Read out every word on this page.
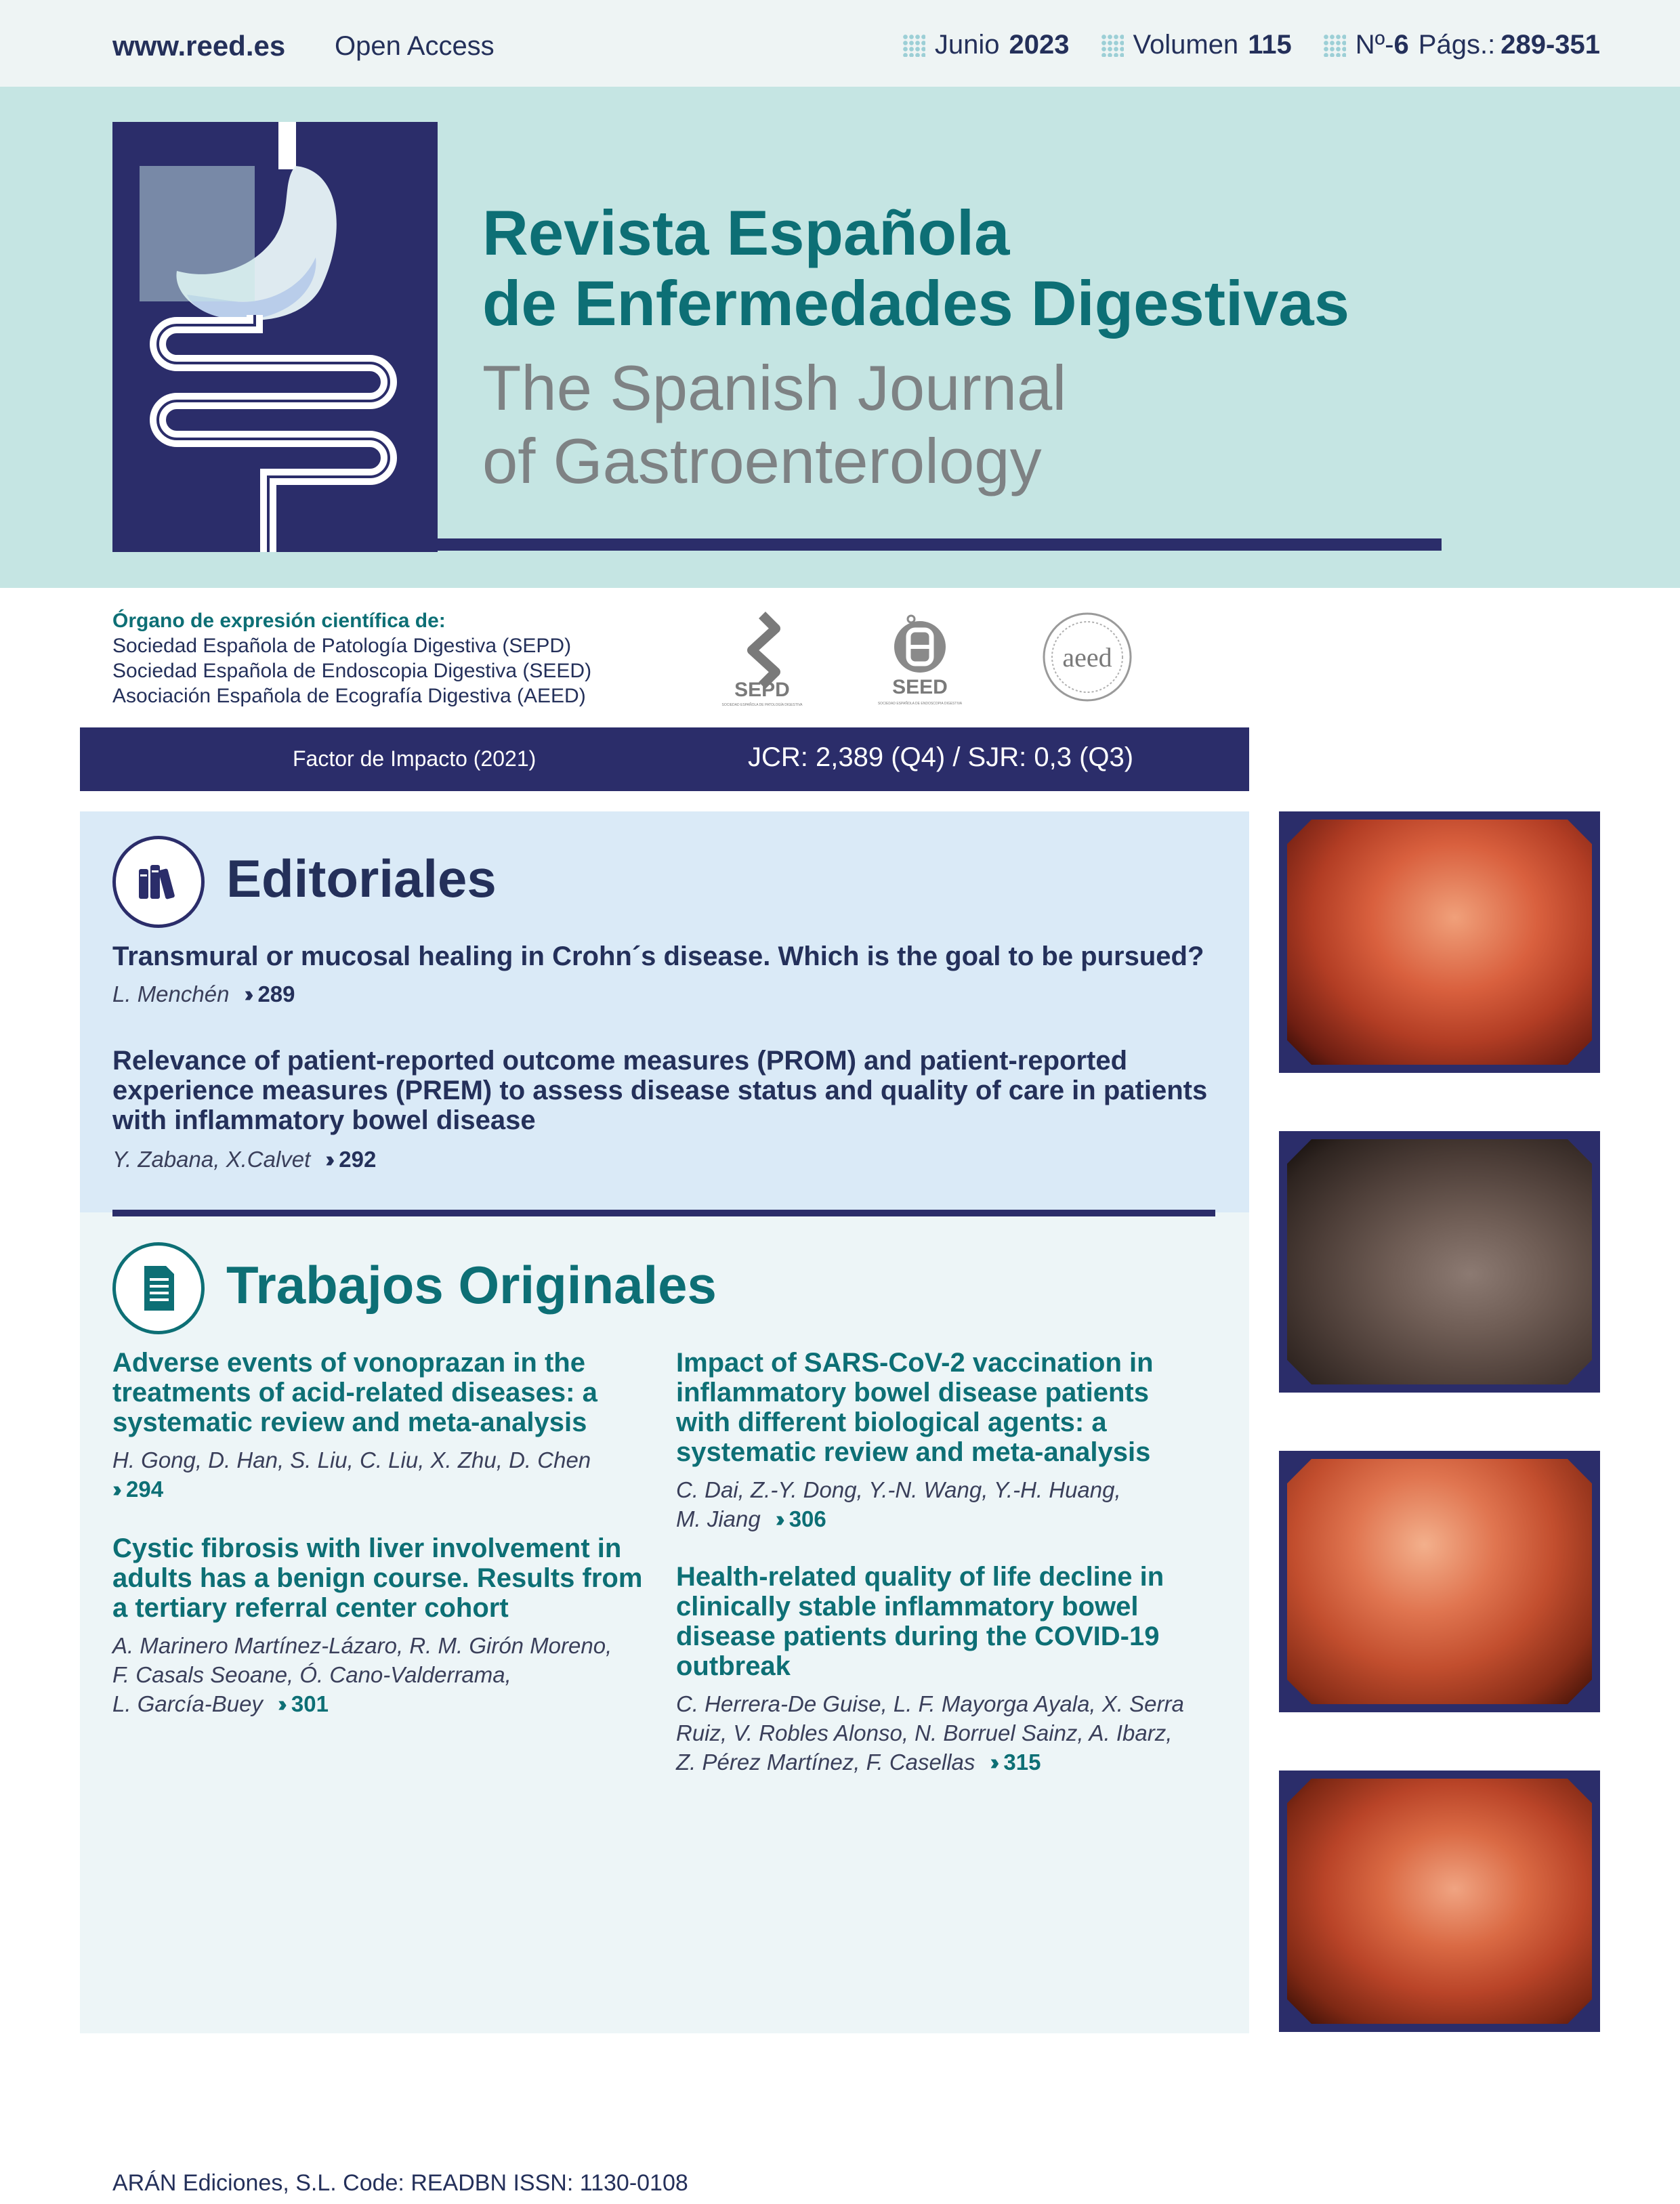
www.reed.es Open Access	Junio 2023 Volumen 115 Nº-6 Págs.: 289-351
Revista Española
de Enfermedades Digestivas
The Spanish Journal
of Gastroenterology
Órgano de expresión científica de:
Sociedad Española de Patología Digestiva (SEPD)
Sociedad Española de Endoscopia Digestiva (SEED)
Asociación Española de Ecografía Digestiva (AEED)	SEPD
SOCIEDAD ESPAÑOLA DE PATOLOGÍA DIGESTIVA
SEED
SOCIEDAD ESPAÑOLA DE ENDOSCOPIA DIGESTIVA
aeed
Factor de Impacto (2021)	JCR: 2,389 (Q4) / SJR: 0,3 (Q3)
Editoriales
Transmural or mucosal healing in Crohn´s disease. Which is the goal to be pursued?
L. Menchén ›› 289
Relevance of patient-reported outcome measures (PROM) and patient-reported
experience measures (PREM) to assess disease status and quality of care in patients
with inflammatory bowel disease
Y. Zabana, X.Calvet ›› 292
Trabajos Originales
Adverse events of vonoprazan in the
treatments of acid-related diseases: a
systematic review and meta-analysis
H. Gong, D. Han, S. Liu, C. Liu, X. Zhu, D. Chen
›› 294
Cystic fibrosis with liver involvement in
adults has a benign course. Results from
a tertiary referral center cohort
A. Marinero Martínez-Lázaro, R. M. Girón Moreno,
F. Casals Seoane, Ó. Cano-Valderrama,
L. García-Buey ›› 301
Impact of SARS-CoV-2 vaccination in
inflammatory bowel disease patients
with different biological agents: a
systematic review and meta-analysis
C. Dai, Z.-Y. Dong, Y.-N. Wang, Y.-H. Huang,
M. Jiang ›› 306
Health-related quality of life decline in
clinically stable inflammatory bowel
disease patients during the COVID-19
outbreak
C. Herrera-De Guise, L. F. Mayorga Ayala, X. Serra
Ruiz, V. Robles Alonso, N. Borruel Sainz, A. Ibarz,
Z. Pérez Martínez, F. Casellas ›› 315
ARÁN Ediciones, S.L. Code: READBN ISSN: 1130-0108
